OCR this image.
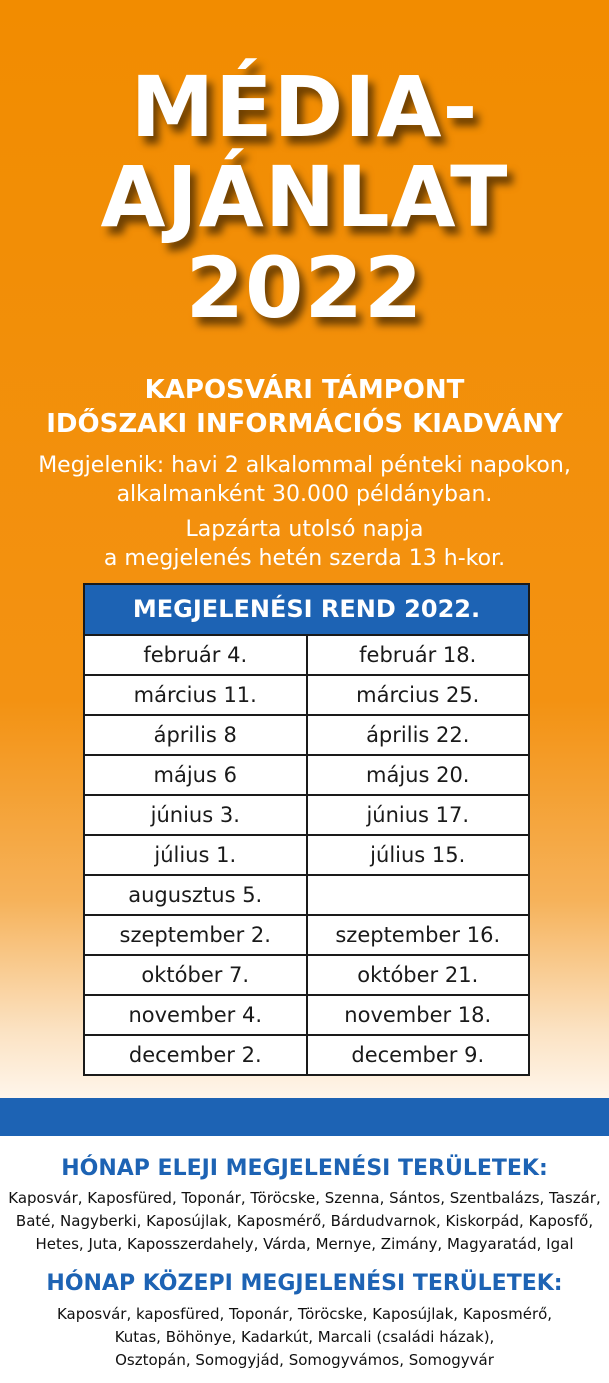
MÉDIA-
AJÁNLAT
2022
KAPOSVÁRI TÁMPONT
IDŐSZAKI INFORMÁCIÓS KIADVÁNY
Megjelenik: havi 2 alkalommal pénteki napokon,
alkalmanként 30.000 példányban.
Lapzárta utolsó napja
a megjelenés hetén szerda 13 h-kor.
MEGJELENÉSI REND 2022.
február 4.	február 18.
március 11.	március 25.
április 8	április 22.
május 6	május 20.
június 3.	június 17.
július 1.	július 15.
augusztus 5.
szeptember 2.	szeptember 16.
október 7.	október 21.
november 4.	november 18.
december 2.	december 9.
HÓNAP ELEJI MEGJELENÉSI TERÜLETEK:
Kaposvár, Kaposfüred, Toponár, Töröcske, Szenna, Sántos, Szentbalázs, Taszár,
Baté, Nagyberki, Kaposújlak, Kaposmérő, Bárdudvarnok, Kiskorpád, Kaposfő,
Hetes, Juta, Kaposszerdahely, Várda, Mernye, Zimány, Magyaratád, Igal
HÓNAP KÖZEPI MEGJELENÉSI TERÜLETEK:
Kaposvár, kaposfüred, Toponár, Töröcske, Kaposújlak, Kaposmérő,
Kutas, Böhönye, Kadarkút, Marcali (családi házak),
Osztopán, Somogyjád, Somogyvámos, Somogyvár
